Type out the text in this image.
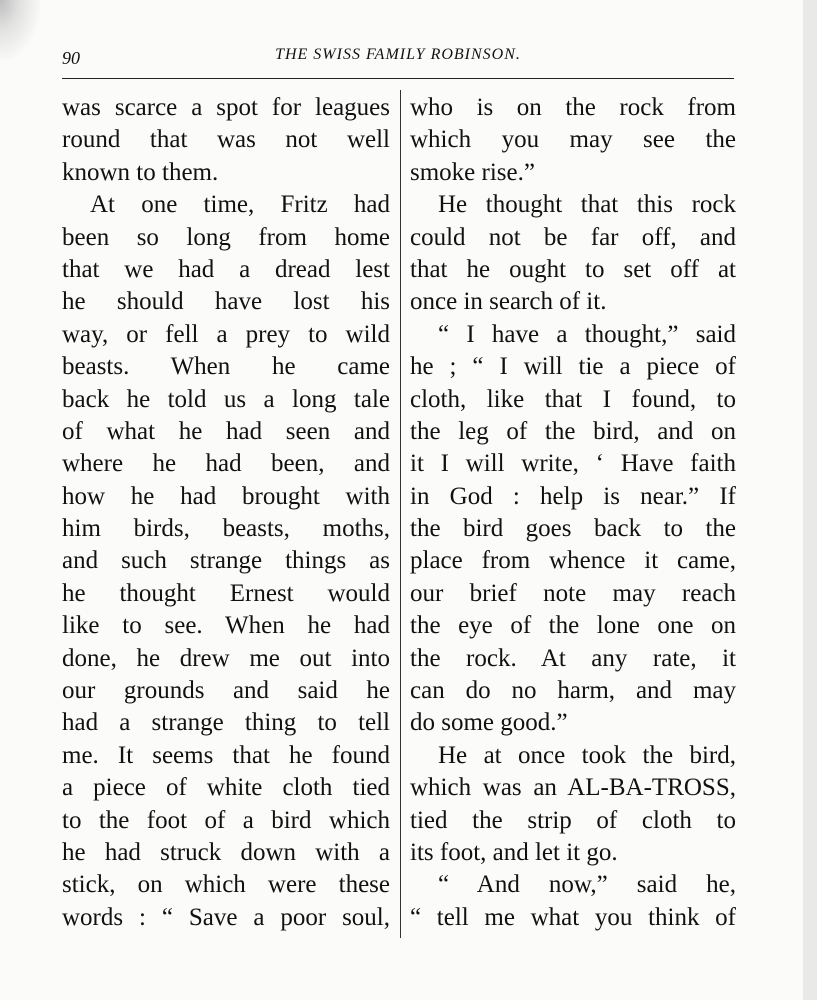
90	THE SWISS FAMILY ROBINSON.
was scarce a spot for leagues
round that was not well
known to them.
At one time, Fritz had
been so long from home
that we had a dread lest
he should have lost his
way, or fell a prey to wild
beasts. When he came
back he told us a long tale
of what he had seen and
where he had been, and
how he had brought with
him birds, beasts, moths,
and such strange things as
he thought Ernest would
like to see. When he had
done, he drew me out into
our grounds and said he
had a strange thing to tell
me. It seems that he found
a piece of white cloth tied
to the foot of a bird which
he had struck down with a
stick, on which were these
words : “ Save a poor soul,
who is on the rock from
which you may see the
smoke rise.”
He thought that this rock
could not be far off, and
that he ought to set off at
once in search of it.
“ I have a thought,” said
he ; “ I will tie a piece of
cloth, like that I found, to
the leg of the bird, and on
it I will write, ‘ Have faith
in God : help is near.” If
the bird goes back to the
place from whence it came,
our brief note may reach
the eye of the lone one on
the rock. At any rate, it
can do no harm, and may
do some good.”
He at once took the bird,
which was an AL-BA-TROSS,
tied the strip of cloth to
its foot, and let it go.
“ And now,” said he,
“ tell me what you think of
